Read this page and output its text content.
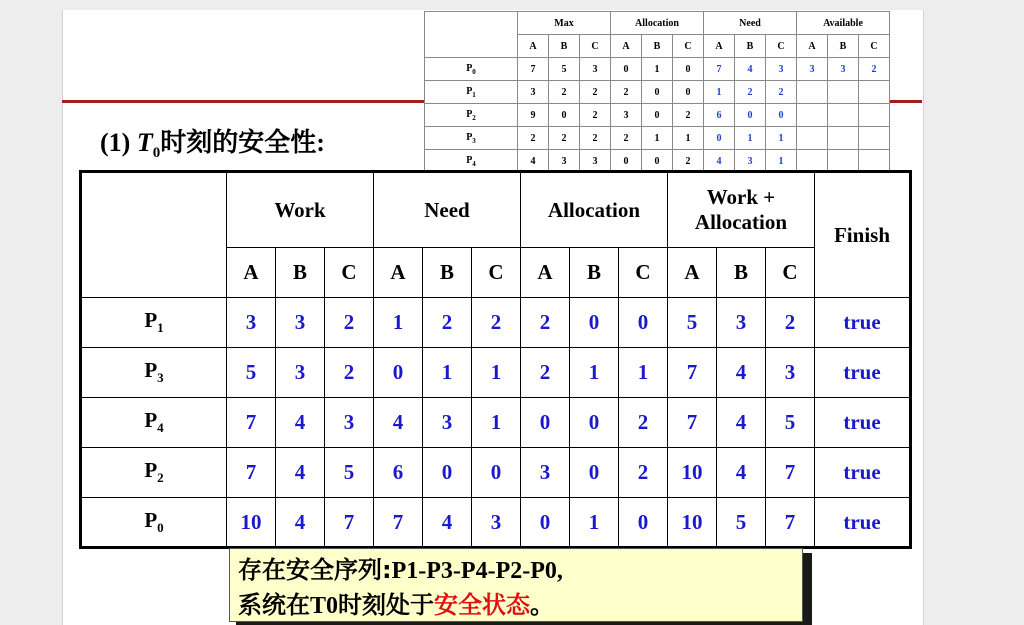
(1) $T_0$时刻的安全性:
	Max			Allocation			Need			Available		
	A	B	C	A	B	C	A	B	C	A	B	C
$P_0$	7	5	3	0	1	0	7	4	3	3	3	2
$P_1$	3	2	2	2	0	0	1	2	2			
$P_2$	9	0	2	3	0	2	6	0	0			
$P_3$	2	2	2	2	1	1	0	1	1			
$P_4$	4	3	3	0	0	2	4	3	1			
	Work			Need			Allocation			Work +
Allocation			Finish
	A	B	C	A	B	C	A	B	C	A	B	C	
$P_1$	3	3	2	1	2	2	2	0	0	5	3	2	true
$P_3$	5	3	2	0	1	1	2	1	1	7	4	3	true
$P_4$	7	4	3	4	3	1	0	0	2	7	4	5	true
$P_2$	7	4	5	6	0	0	3	0	2	10	4	7	true
$P_0$	10	4	7	7	4	3	0	1	0	10	5	7	true
存在安全序列:P1-P3-P4-P2-P0,
系统在T0时刻处于安全状态。
